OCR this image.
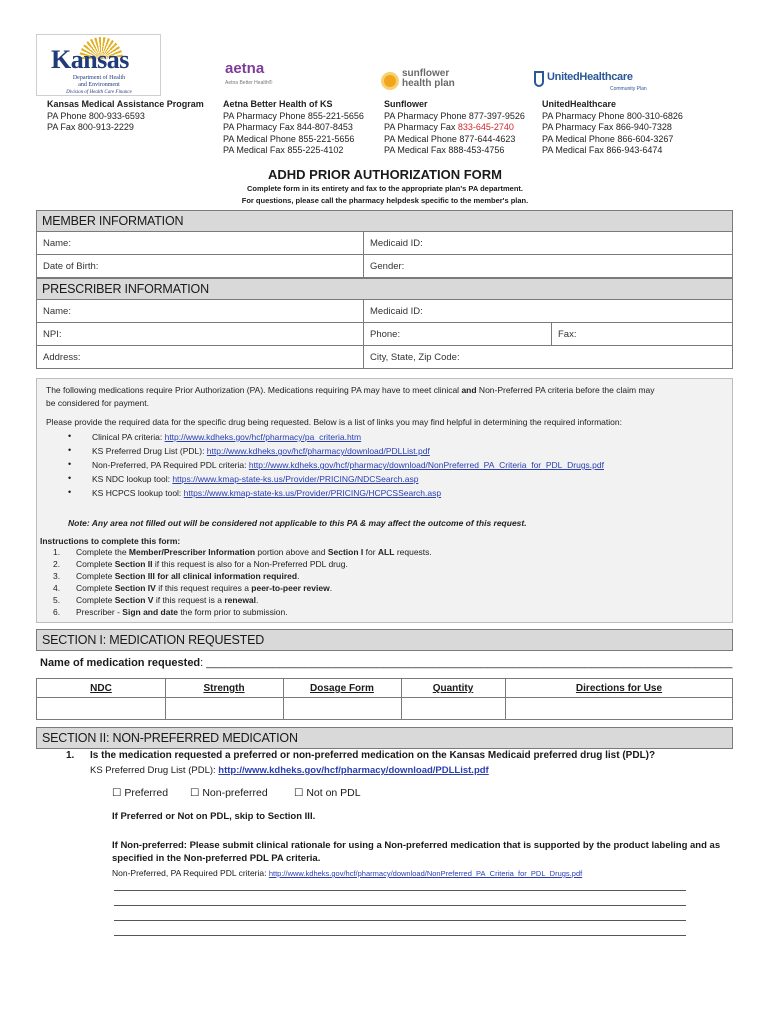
Kansas
Department of Health
and Environment
Division of Health Care Finance
aetna
Aetna Better Health®
sunflower
health plan
UnitedHealthcare
Community Plan
Kansas Medical Assistance Program
PA Phone 800-933-6593
PA Fax 800-913-2229
Aetna Better Health of KS
PA Pharmacy Phone 855-221-5656
PA Pharmacy Fax 844-807-8453
PA Medical Phone 855-221-5656
PA Medical Fax 855-225-4102
Sunflower
PA Pharmacy Phone 877-397-9526
PA Pharmacy Fax 833-645-2740
PA Medical Phone 877-644-4623
PA Medical Fax 888-453-4756
UnitedHealthcare
PA Pharmacy Phone 800-310-6826
PA Pharmacy Fax 866-940-7328
PA Medical Phone 866-604-3267
PA Medical Fax 866-943-6474
ADHD PRIOR AUTHORIZATION FORM
Complete form in its entirety and fax to the appropriate plan's PA department.
For questions, please call the pharmacy helpdesk specific to the member's plan.
MEMBER INFORMATION
Name:	Medicaid ID:
Date of Birth:	Gender:
PRESCRIBER INFORMATION
Name:	Medicaid ID:
NPI:	Phone:	Fax:
Address:	City, State, Zip Code:
The following medications require Prior Authorization (PA). Medications requiring PA may have to meet clinical and Non-Preferred PA criteria before the claim may
be considered for payment.
Please provide the required data for the specific drug being requested. Below is a list of links you may find helpful in determining the required information:
• Clinical PA criteria: http://www.kdheks.gov/hcf/pharmacy/pa_criteria.htm
• KS Preferred Drug List (PDL): http://www.kdheks.gov/hcf/pharmacy/download/PDLList.pdf
• Non-Preferred, PA Required PDL criteria: http://www.kdheks.gov/hcf/pharmacy/download/NonPreferred_PA_Criteria_for_PDL_Drugs.pdf
• KS NDC lookup tool: https://www.kmap-state-ks.us/Provider/PRICING/NDCSearch.asp
• KS HCPCS lookup tool: https://www.kmap-state-ks.us/Provider/PRICING/HCPCSSearch.asp
Note: Any area not filled out will be considered not applicable to this PA & may affect the outcome of this request.
Instructions to complete this form:
1. Complete the Member/Prescriber Information portion above and Section I for ALL requests.
2. Complete Section II if this request is also for a Non-Preferred PDL drug.
3. Complete Section III for all clinical information required.
4. Complete Section IV if this request requires a peer-to-peer review.
5. Complete Section V if this request is a renewal.
6. Prescriber - Sign and date the form prior to submission.
SECTION I: MEDICATION REQUESTED
Name of medication requested: ______________________________________________________________________________________
NDC	Strength	Dosage Form	Quantity	Directions for Use
SECTION II: NON-PREFERRED MEDICATION
1. Is the medication requested a preferred or non-preferred medication on the Kansas Medicaid preferred drug list (PDL)?
KS Preferred Drug List (PDL): http://www.kdheks.gov/hcf/pharmacy/download/PDLList.pdf
☐ Preferred ☐ Non-preferred	☐ Not on PDL
If Preferred or Not on PDL, skip to Section III.
If Non-preferred: Please submit clinical rationale for using a Non-preferred medication that is supported by the product labeling and as
specified in the Non-preferred PDL PA criteria.
Non-Preferred, PA Required PDL criteria: http://www.kdheks.gov/hcf/pharmacy/download/NonPreferred_PA_Criteria_for_PDL_Drugs.pdf
